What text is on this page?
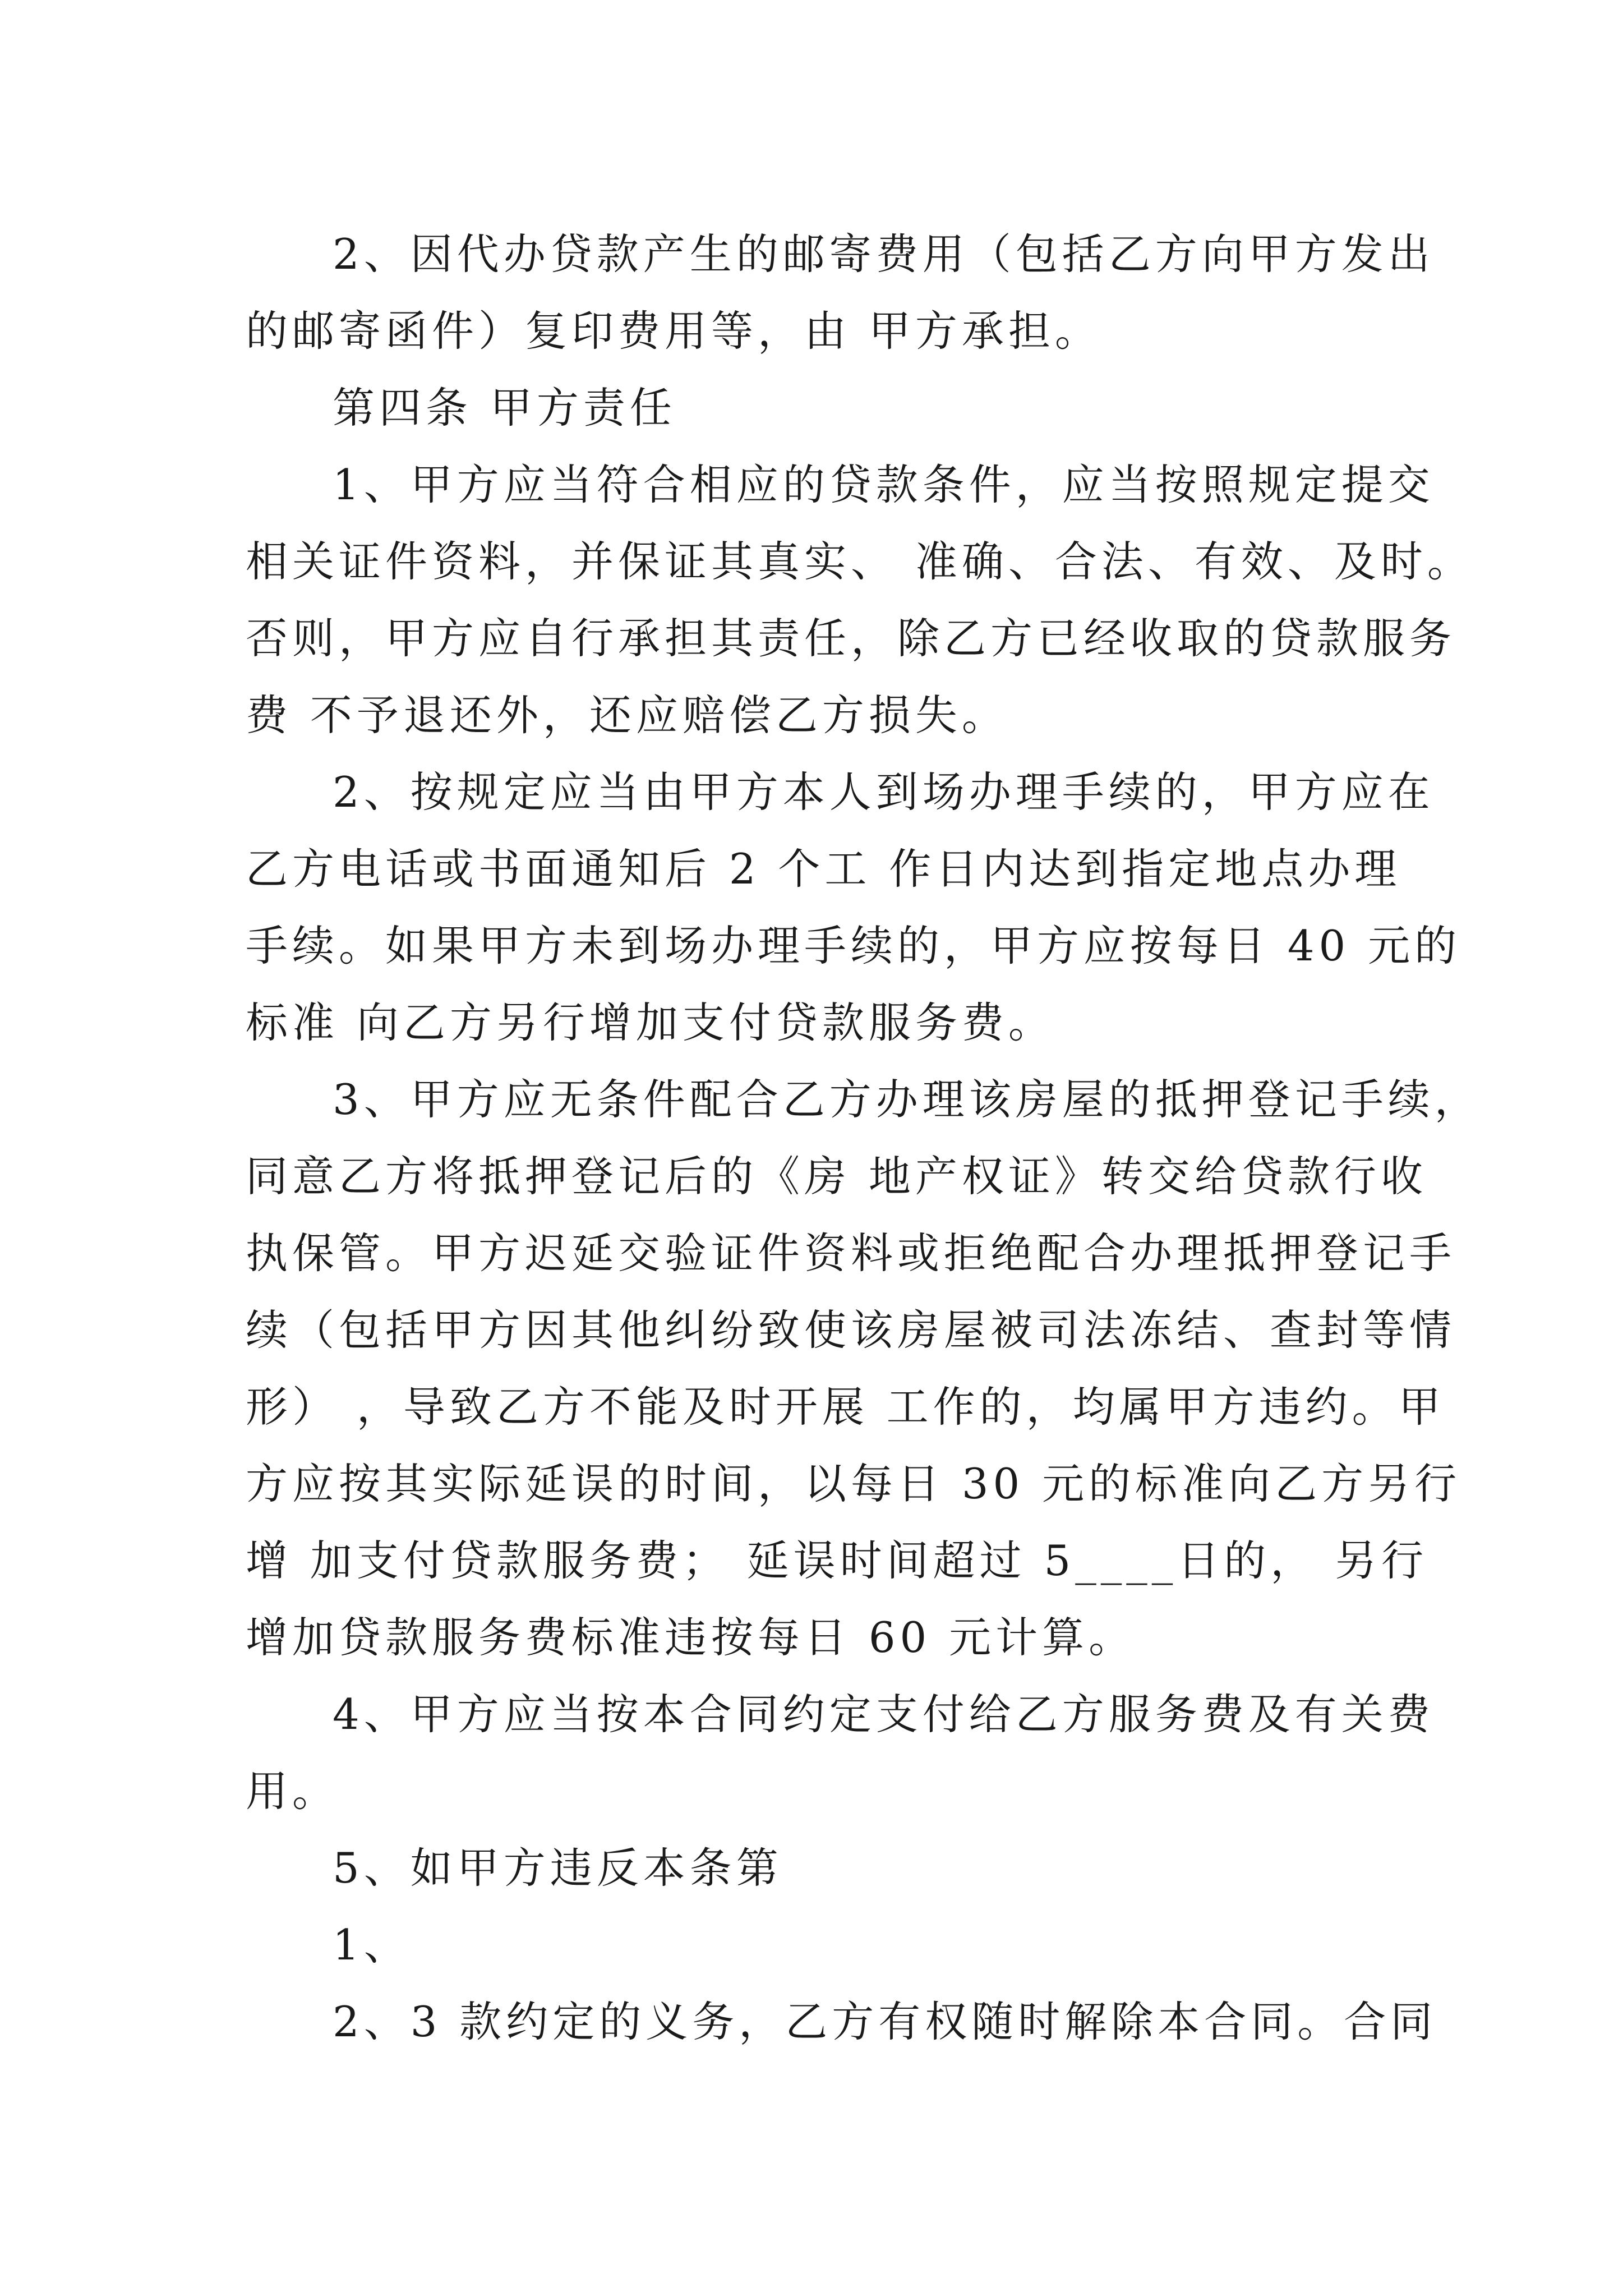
2、因代办贷款产生的邮寄费用（包括乙方向甲方发出
的邮寄函件）复印费用等，由 甲方承担。
第四条 甲方责任
1、甲方应当符合相应的贷款条件，应当按照规定提交
相关证件资料，并保证其真实、 准确、合法、有效、及时。
否则，甲方应自行承担其责任，除乙方已经收取的贷款服务
费 不予退还外，还应赔偿乙方损失。
2、按规定应当由甲方本人到场办理手续的，甲方应在
乙方电话或书面通知后 2 个工 作日内达到指定地点办理
手续。如果甲方未到场办理手续的，甲方应按每日 40 元的
标准 向乙方另行增加支付贷款服务费。
3、甲方应无条件配合乙方办理该房屋的抵押登记手续，
同意乙方将抵押登记后的《房 地产权证》转交给贷款行收
执保管。甲方迟延交验证件资料或拒绝配合办理抵押登记手
续（包括甲方因其他纠纷致使该房屋被司法冻结、查封等情
形） ，导致乙方不能及时开展 工作的，均属甲方违约。甲
方应按其实际延误的时间，以每日 30 元的标准向乙方另行
增 加支付贷款服务费； 延误时间超过 5____日的， 另行
增加贷款服务费标准违按每日 60 元计算。
4、甲方应当按本合同约定支付给乙方服务费及有关费
用。
5、如甲方违反本条第
1、
2、3 款约定的义务，乙方有权随时解除本合同。合同
